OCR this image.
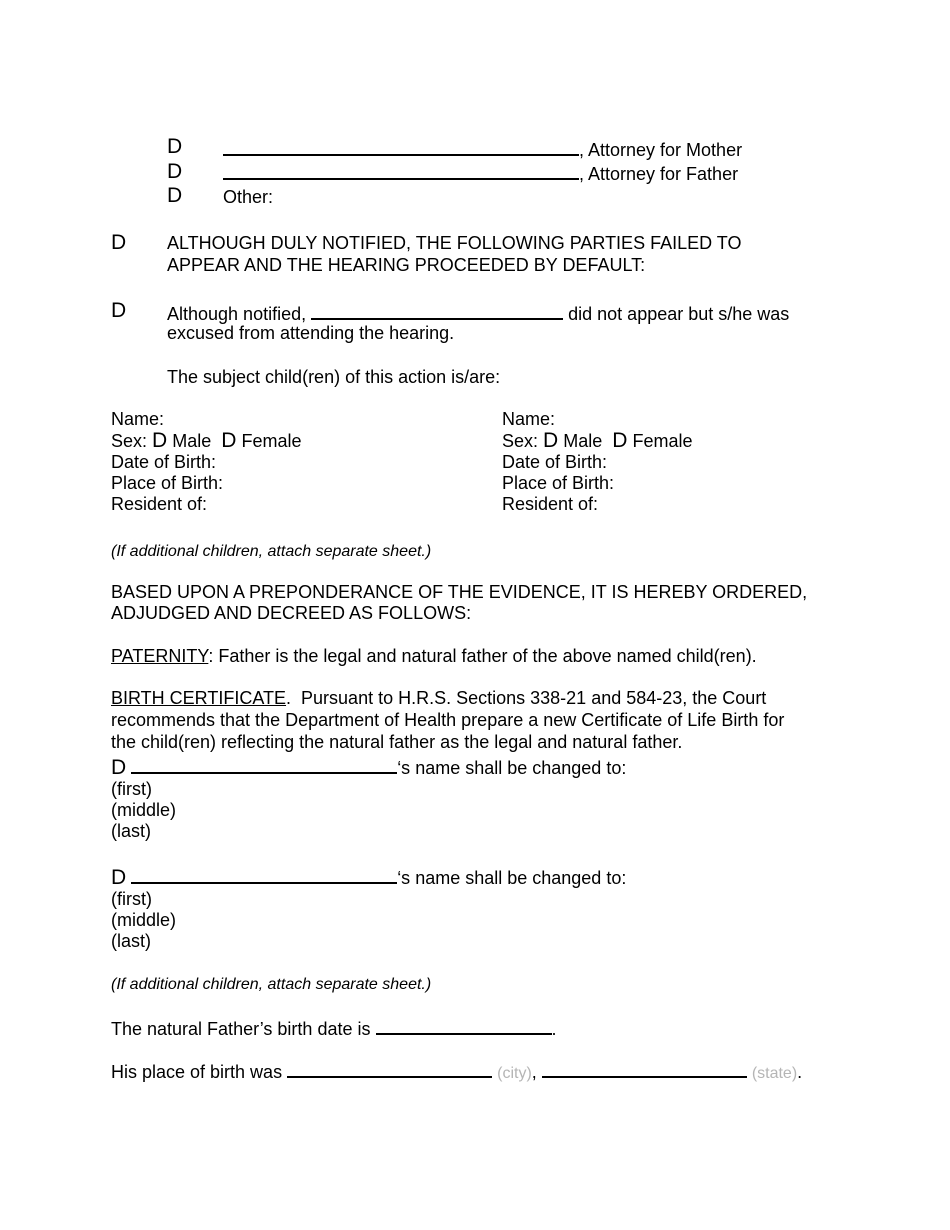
D	, Attorney for Mother
D	, Attorney for Father
D Other:
D ALTHOUGH DULY NOTIFIED, THE FOLLOWING PARTIES FAILED TO
APPEAR AND THE HEARING PROCEEDED BY DEFAULT:
D Although notified,	did not appear but s/he was
excused from attending the hearing.
The subject child(ren) of this action is/are:
Name:
Sex: D Male D Female
Date of Birth:
Place of Birth:
Resident of:
Name:
Sex: D Male D Female
Date of Birth:
Place of Birth:
Resident of:
(If additional children, attach separate sheet.)
BASED UPON A PREPONDERANCE OF THE EVIDENCE, IT IS HEREBY ORDERED,
ADJUDGED AND DECREED AS FOLLOWS:
PATERNITY: Father is the legal and natural father of the above named child(ren).
BIRTH CERTIFICATE.  Pursuant to H.R.S. Sections 338-21 and 584-23, the Court
recommends that the Department of Health prepare a new Certificate of Life Birth for
the child(ren) reflecting the natural father as the legal and natural father.
D	‘s name shall be changed to:
(first)
(middle)
(last)
D	‘s name shall be changed to:
(first)
(middle)
(last)
(If additional children, attach separate sheet.)
The natural Father’s birth date is	.
His place of birth was	(city),	(state).
